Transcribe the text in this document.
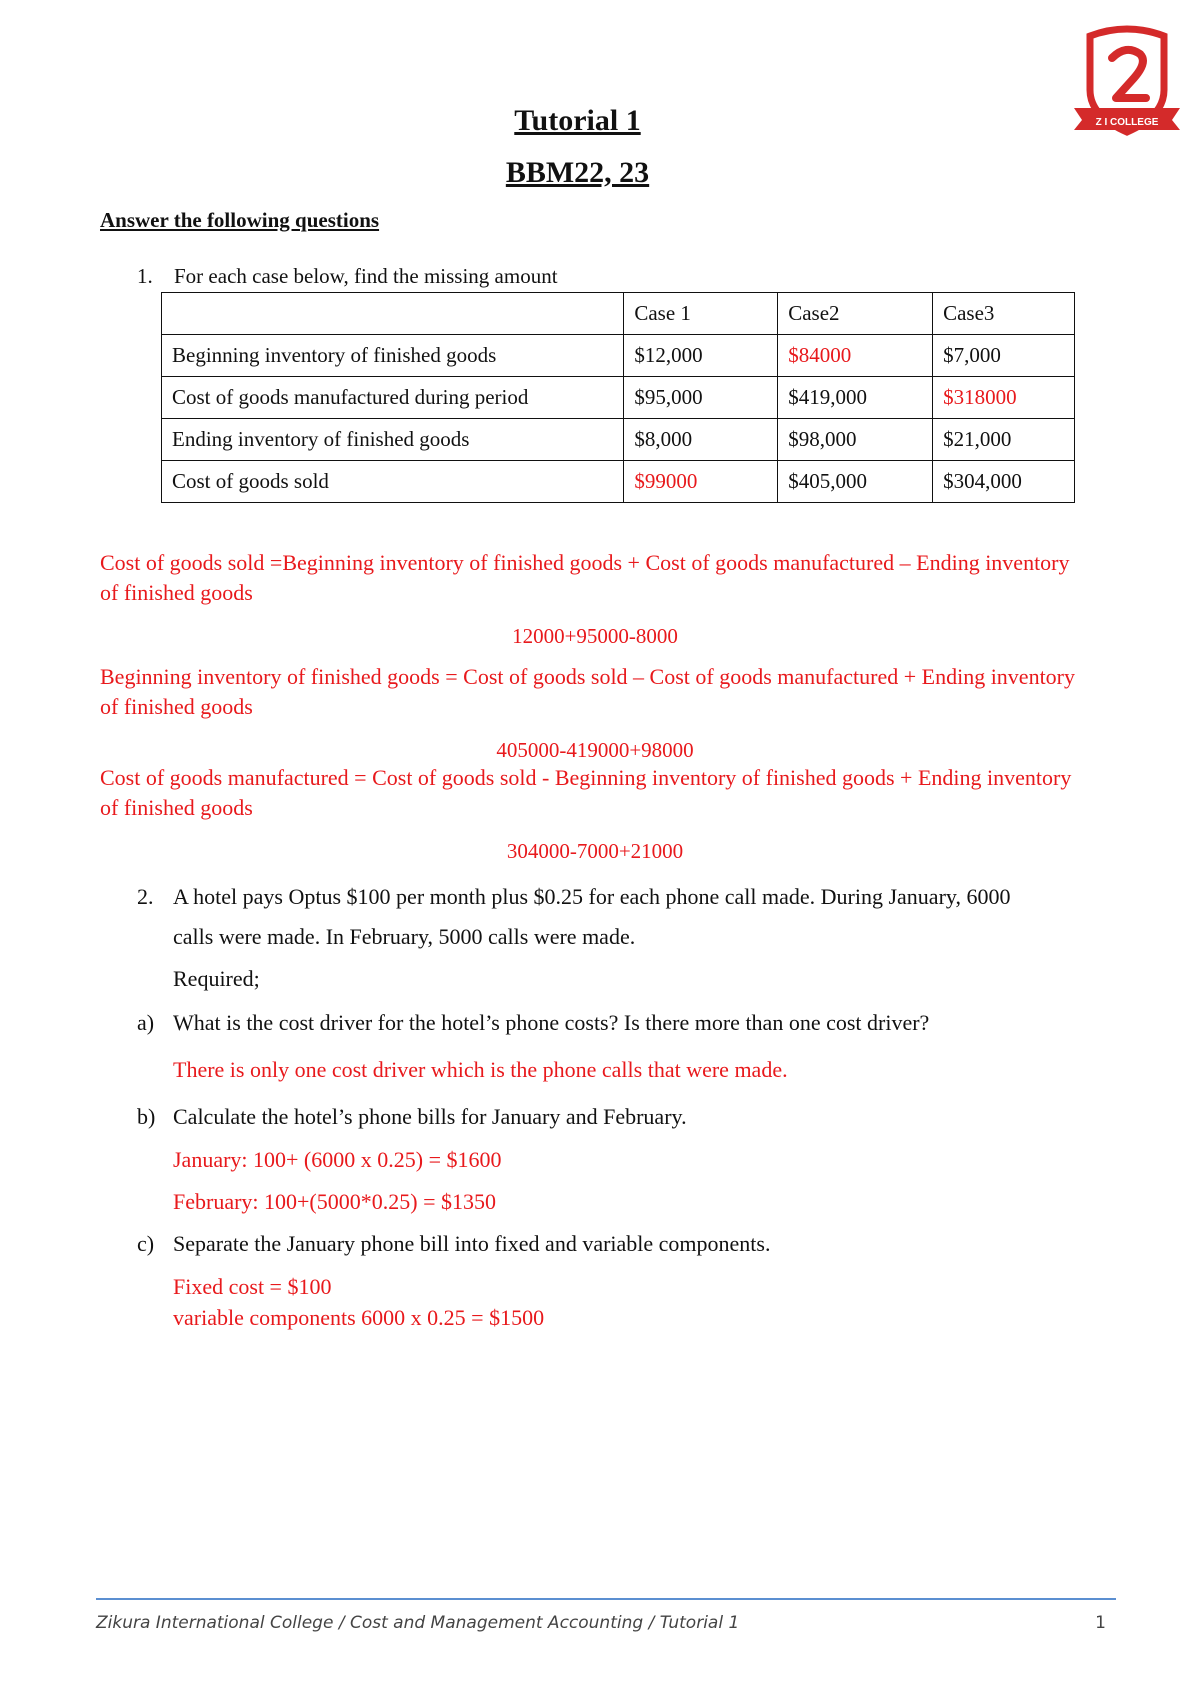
Z I COLLEGE
Tutorial 1
BBM22, 23
Answer the following questions
1. For each case below, find the missing amount
	Case 1	Case2	Case3
Beginning inventory of finished goods	$12,000	$84000	$7,000
Cost of goods manufactured during period	$95,000	$419,000	$318000
Ending inventory of finished goods	$8,000	$98,000	$21,000
Cost of goods sold	$99000	$405,000	$304,000
Cost of goods sold =Beginning inventory of finished goods + Cost of goods manufactured – Ending inventory of finished goods
12000+95000-8000
Beginning inventory of finished goods = Cost of goods sold – Cost of goods manufactured + Ending inventory of finished goods
405000-419000+98000
Cost of goods manufactured = Cost of goods sold - Beginning inventory of finished goods + Ending inventory of finished goods
304000-7000+21000
2. A hotel pays Optus $100 per month plus $0.25 for each phone call made. During January, 6000
calls were made. In February, 5000 calls were made.
Required;
a) What is the cost driver for the hotel’s phone costs? Is there more than one cost driver?
There is only one cost driver which is the phone calls that were made.
b) Calculate the hotel’s phone bills for January and February.
January: 100+ (6000 x 0.25) = $1600
February: 100+(5000*0.25) = $1350
c) Separate the January phone bill into fixed and variable components.
Fixed cost = $100
variable components 6000 x 0.25 = $1500
Zikura International College / Cost and Management Accounting / Tutorial 1	1
